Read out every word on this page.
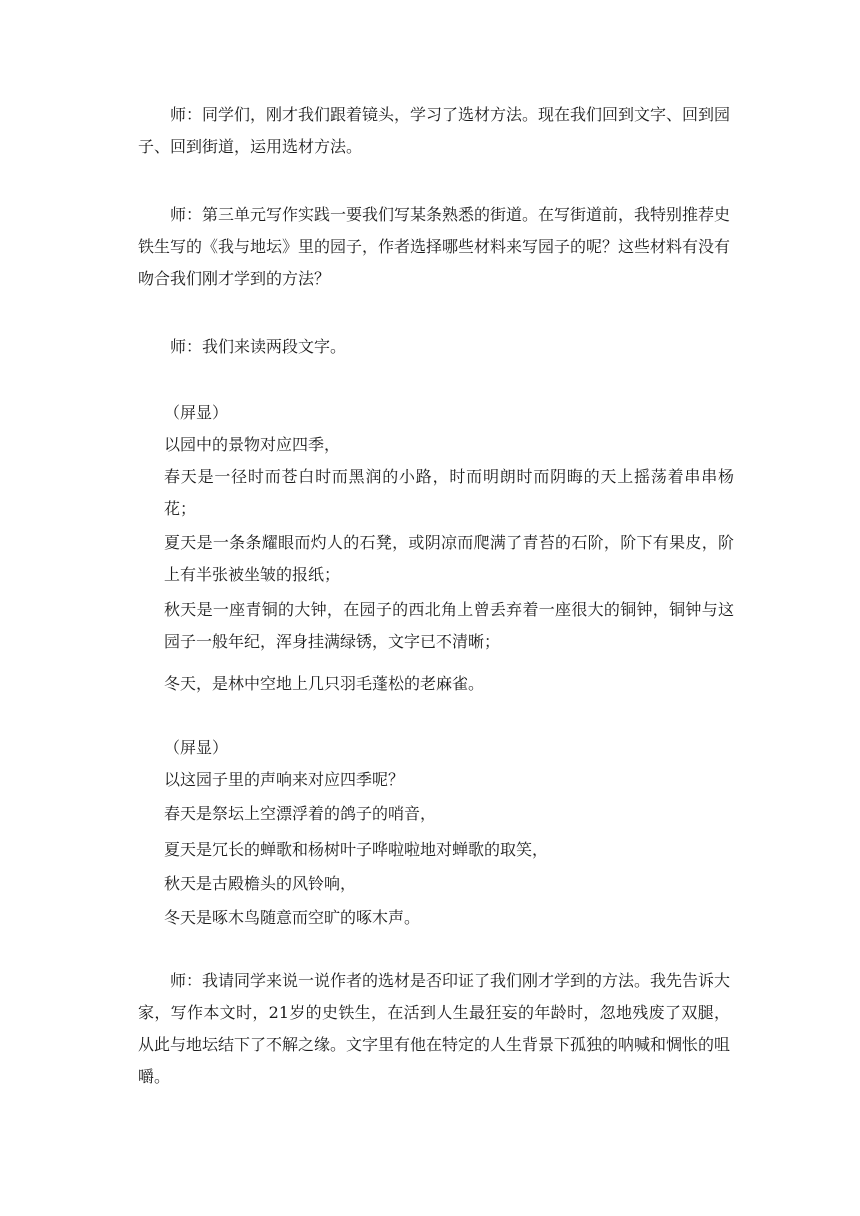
师：同学们，刚才我们跟着镜头，学习了选材方法。现在我们回到文字、回到园子、回到街道，运用选材方法。

师：第三单元写作实践一要我们写某条熟悉的街道。在写街道前，我特别推荐史铁生写的《我与地坛》里的园子，作者选择哪些材料来写园子的呢？这些材料有没有吻合我们刚才学到的方法？

师：我们来读两段文字。

（屏显）

以园中的景物对应四季，

春天是一径时而苍白时而黑润的小路，时而明朗时而阴晦的天上摇荡着串串杨花；

夏天是一条条耀眼而灼人的石凳，或阴凉而爬满了青苔的石阶，阶下有果皮，阶上有半张被坐皱的报纸；

秋天是一座青铜的大钟，在园子的西北角上曾丢弃着一座很大的铜钟，铜钟与这园子一般年纪，浑身挂满绿锈，文字已不清晰；

冬天，是林中空地上几只羽毛蓬松的老麻雀。

（屏显）

以这园子里的声响来对应四季呢？

春天是祭坛上空漂浮着的鸽子的哨音，

夏天是冗长的蝉歌和杨树叶子哗啦啦地对蝉歌的取笑，

秋天是古殿檐头的风铃响，

冬天是啄木鸟随意而空旷的啄木声。

师：我请同学来说一说作者的选材是否印证了我们刚才学到的方法。我先告诉大家，写作本文时，21岁的史铁生，在活到人生最狂妄的年龄时，忽地残废了双腿，从此与地坛结下了不解之缘。文字里有他在特定的人生背景下孤独的呐喊和惆怅的咀嚼。
